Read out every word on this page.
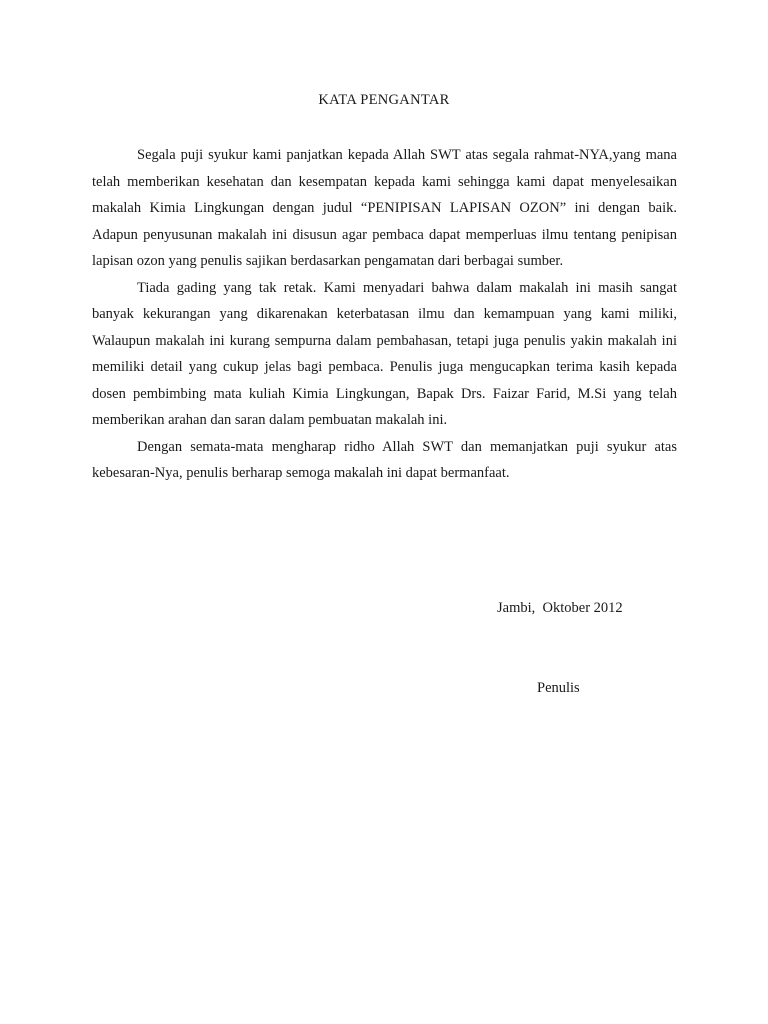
KATA PENGANTAR

Segala puji syukur kami panjatkan kepada Allah SWT atas segala rahmat-NYA,yang mana telah memberikan kesehatan dan kesempatan kepada kami sehingga kami dapat menyelesaikan makalah Kimia Lingkungan dengan judul “PENIPISAN LAPISAN OZON” ini dengan baik. Adapun penyusunan makalah ini disusun agar pembaca dapat memperluas ilmu tentang penipisan lapisan ozon yang penulis sajikan berdasarkan pengamatan dari berbagai sumber.

Tiada gading yang tak retak. Kami menyadari bahwa dalam makalah ini masih sangat banyak kekurangan yang dikarenakan keterbatasan ilmu dan kemampuan yang kami miliki, Walaupun makalah ini kurang sempurna dalam pembahasan, tetapi juga penulis yakin makalah ini memiliki detail yang cukup jelas bagi pembaca. Penulis juga mengucapkan terima kasih kepada dosen pembimbing mata kuliah Kimia Lingkungan, Bapak Drs. Faizar Farid, M.Si yang telah memberikan arahan dan saran dalam pembuatan makalah ini.

Dengan semata-mata mengharap ridho Allah SWT dan memanjatkan puji syukur atas kebesaran-Nya, penulis berharap semoga makalah ini dapat bermanfaat.

Jambi,  Oktober 2012
Penulis
